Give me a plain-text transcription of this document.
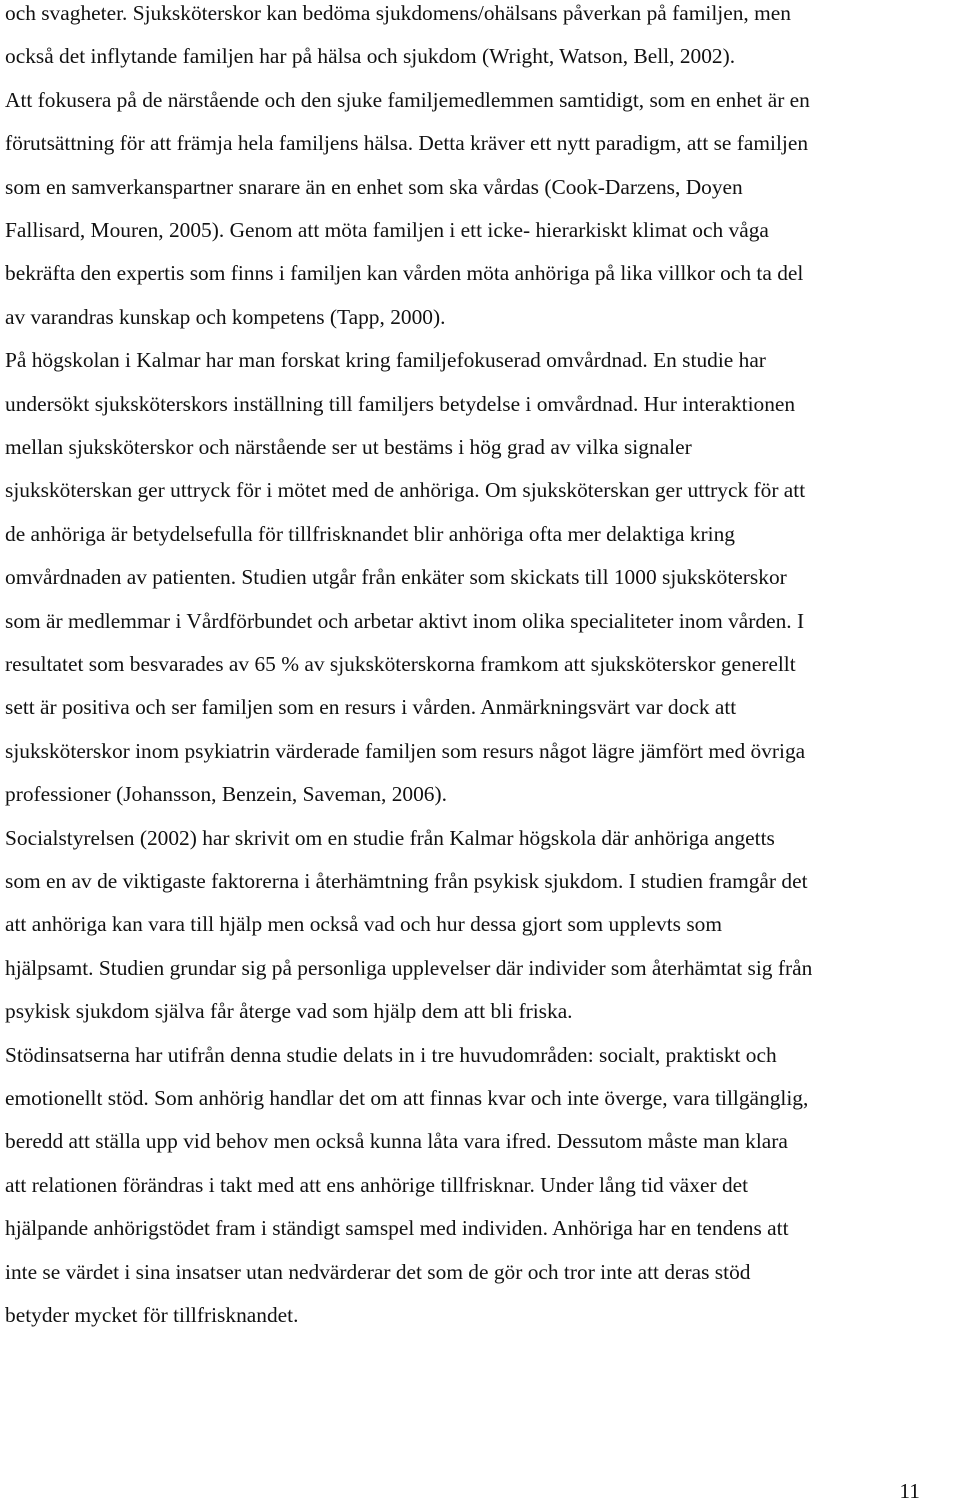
och svagheter. Sjuksköterskor kan bedöma sjukdomens/ohälsans påverkan på familjen, men

också det inflytande familjen har på hälsa och sjukdom (Wright, Watson, Bell, 2002).

Att fokusera på de närstående och den sjuke familjemedlemmen samtidigt, som en enhet är en

förutsättning för att främja hela familjens hälsa. Detta kräver ett nytt paradigm, att se familjen

som en samverkanspartner snarare än en enhet som ska vårdas (Cook-Darzens, Doyen

Fallisard, Mouren, 2005). Genom att möta familjen i ett icke- hierarkiskt klimat och våga

bekräfta den expertis som finns i familjen kan vården möta anhöriga på lika villkor och ta del

av varandras kunskap och kompetens (Tapp, 2000).

På högskolan i Kalmar har man forskat kring familjefokuserad omvårdnad. En studie har

undersökt sjuksköterskors inställning till familjers betydelse i omvårdnad. Hur interaktionen

mellan sjuksköterskor och närstående ser ut bestäms i hög grad av vilka signaler

sjuksköterskan ger uttryck för i mötet med de anhöriga. Om sjuksköterskan ger uttryck för att

de anhöriga är betydelsefulla för tillfrisknandet blir anhöriga ofta mer delaktiga kring

omvårdnaden av patienten. Studien utgår från enkäter som skickats till 1000 sjuksköterskor

som är medlemmar i Vårdförbundet och arbetar aktivt inom olika specialiteter inom vården. I

resultatet som besvarades av 65 % av sjuksköterskorna framkom att sjuksköterskor generellt

sett är positiva och ser familjen som en resurs i vården. Anmärkningsvärt var dock att

sjuksköterskor inom psykiatrin värderade familjen som resurs något lägre jämfört med övriga

professioner (Johansson, Benzein, Saveman, 2006).

Socialstyrelsen (2002) har skrivit om en studie från Kalmar högskola där anhöriga angetts

som en av de viktigaste faktorerna i återhämtning från psykisk sjukdom. I studien framgår det

att anhöriga kan vara till hjälp men också vad och hur dessa gjort som upplevts som

hjälpsamt. Studien grundar sig på personliga upplevelser där individer som återhämtat sig från

psykisk sjukdom själva får återge vad som hjälp dem att bli friska.

Stödinsatserna har utifrån denna studie delats in i tre huvudområden: socialt, praktiskt och

emotionellt stöd. Som anhörig handlar det om att finnas kvar och inte överge, vara tillgänglig,

beredd att ställa upp vid behov men också kunna låta vara ifred. Dessutom måste man klara

att relationen förändras i takt med att ens anhörige tillfrisknar. Under lång tid växer det

hjälpande anhörigstödet fram i ständigt samspel med individen. Anhöriga har en tendens att

inte se värdet i sina insatser utan nedvärderar det som de gör och tror inte att deras stöd

betyder mycket för tillfrisknandet.

11
